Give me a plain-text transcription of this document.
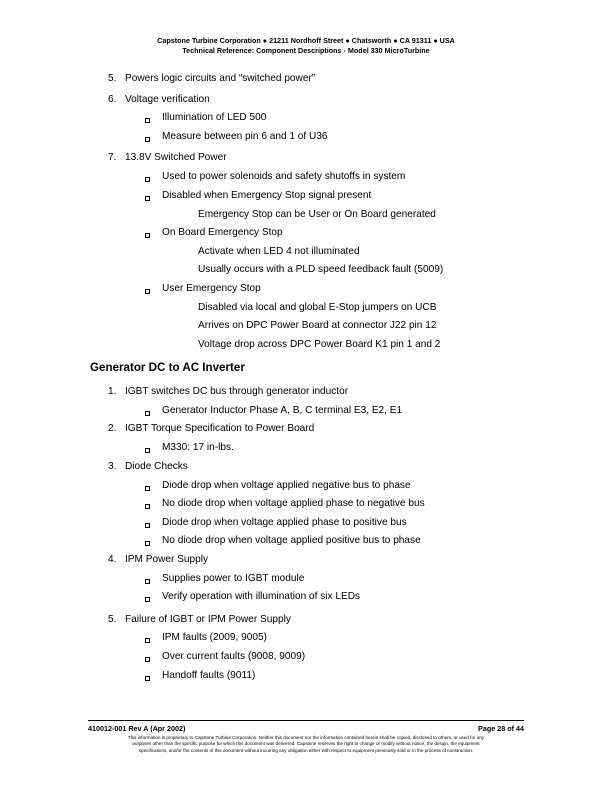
Capstone Turbine Corporation ● 21211 Nordhoff Street ● Chatsworth ● CA 91311 ● USA
Technical Reference: Component Descriptions - Model 330 MicroTurbine
5. Powers logic circuits and “switched power”
6. Voltage verification
Illumination of LED 500
Measure between pin 6 and 1 of U36
7. 13.8V Switched Power
Used to power solenoids and safety shutoffs in system
Disabled when Emergency Stop signal present
Emergency Stop can be User or On Board generated
On Board Emergency Stop
Activate when LED 4 not illuminated
Usually occurs with a PLD speed feedback fault (5009)
User Emergency Stop
Disabled via local and global E-Stop jumpers on UCB
Arrives on DPC Power Board at connector J22 pin 12
Voltage drop across DPC Power Board K1 pin 1 and 2
Generator DC to AC Inverter
1. IGBT switches DC bus through generator inductor
Generator Inductor Phase A, B, C terminal E3, E2, E1
2. IGBT Torque Specification to Power Board
M330: 17 in-lbs.
3. Diode Checks
Diode drop when voltage applied negative bus to phase
No diode drop when voltage applied phase to negative bus
Diode drop when voltage applied phase to positive bus
No diode drop when voltage applied positive bus to phase
4. IPM Power Supply
Supplies power to IGBT module
Verify operation with illumination of six LEDs
5. Failure of IGBT or IPM Power Supply
IPM faults (2009, 9005)
Over current faults (9008, 9009)
Handoff faults (9011)
410012-001 Rev A (Apr 2002)	Page 28 of 44
This information is proprietary to Capstone Turbine Corporation. Neither this document nor the information contained herein shall be copied, disclosed to others, or used for any
purposes other than the specific purpose for which this document was delivered. Capstone reserves the right to change or modify without notice, the design, the equipment
specifications, and/or the contents of this document without incurring any obligation either with respect to equipment previously sold or in the process of construction.
